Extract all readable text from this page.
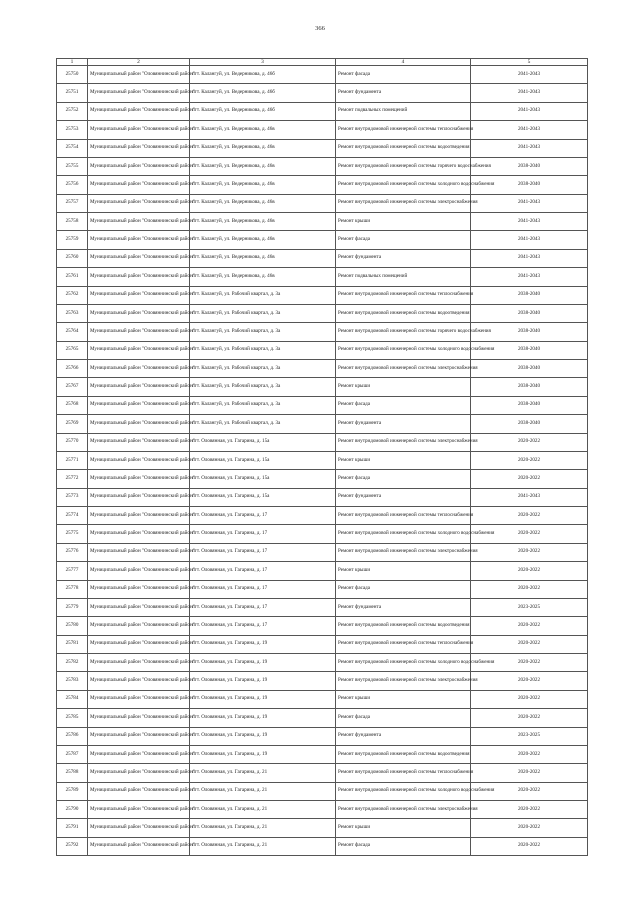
366
1	2	3	4	5
25750	Муниципальный район "Оловяннинский район"	пгт. Калангуй, ул. Ведерникова, д. 46б	Ремонт фасада	2041-2043
25751	Муниципальный район "Оловяннинский район"	пгт. Калангуй, ул. Ведерникова, д. 46б	Ремонт фундамента	2041-2043
25752	Муниципальный район "Оловяннинский район"	пгт. Калангуй, ул. Ведерникова, д. 46б	Ремонт подвальных помещений	2041-2043
25753	Муниципальный район "Оловяннинский район"	пгт. Калангуй, ул. Ведерникова, д. 46в	Ремонт внутридомовой инженерной системы теплоснабжения	2041-2043
25754	Муниципальный район "Оловяннинский район"	пгт. Калангуй, ул. Ведерникова, д. 46в	Ремонт внутридомовой инженерной системы водоотведения	2041-2043
25755	Муниципальный район "Оловяннинский район"	пгт. Калангуй, ул. Ведерникова, д. 46в	Ремонт внутридомовой инженерной системы горячего водоснабжения	2038-2040
25756	Муниципальный район "Оловяннинский район"	пгт. Калангуй, ул. Ведерникова, д. 46в	Ремонт внутридомовой инженерной системы холодного водоснабжения	2038-2040
25757	Муниципальный район "Оловяннинский район"	пгт. Калангуй, ул. Ведерникова, д. 46в	Ремонт внутридомовой инженерной системы электроснабжения	2041-2043
25758	Муниципальный район "Оловяннинский район"	пгт. Калангуй, ул. Ведерникова, д. 46в	Ремонт крыши	2041-2043
25759	Муниципальный район "Оловяннинский район"	пгт. Калангуй, ул. Ведерникова, д. 46в	Ремонт фасада	2041-2043
25760	Муниципальный район "Оловяннинский район"	пгт. Калангуй, ул. Ведерникова, д. 46в	Ремонт фундамента	2041-2043
25761	Муниципальный район "Оловяннинский район"	пгт. Калангуй, ул. Ведерникова, д. 46в	Ремонт подвальных помещений	2041-2043
25762	Муниципальный район "Оловяннинский район"	пгт. Калангуй, ул. Рабочий квартал, д. 3а	Ремонт внутридомовой инженерной системы теплоснабжения	2038-2040
25763	Муниципальный район "Оловяннинский район"	пгт. Калангуй, ул. Рабочий квартал, д. 3а	Ремонт внутридомовой инженерной системы водоотведения	2038-2040
25764	Муниципальный район "Оловяннинский район"	пгт. Калангуй, ул. Рабочий квартал, д. 3а	Ремонт внутридомовой инженерной системы горячего водоснабжения	2038-2040
25765	Муниципальный район "Оловяннинский район"	пгт. Калангуй, ул. Рабочий квартал, д. 3а	Ремонт внутридомовой инженерной системы холодного водоснабжения	2038-2040
25766	Муниципальный район "Оловяннинский район"	пгт. Калангуй, ул. Рабочий квартал, д. 3а	Ремонт внутридомовой инженерной системы электроснабжения	2038-2040
25767	Муниципальный район "Оловяннинский район"	пгт. Калангуй, ул. Рабочий квартал, д. 3а	Ремонт крыши	2038-2040
25768	Муниципальный район "Оловяннинский район"	пгт. Калангуй, ул. Рабочий квартал, д. 3а	Ремонт фасада	2038-2040
25769	Муниципальный район "Оловяннинский район"	пгт. Калангуй, ул. Рабочий квартал, д. 3а	Ремонт фундамента	2038-2040
25770	Муниципальный район "Оловяннинский район"	пгт. Оловянная, ул. Гагарина, д. 15а	Ремонт внутридомовой инженерной системы электроснабжения	2020-2022
25771	Муниципальный район "Оловяннинский район"	пгт. Оловянная, ул. Гагарина, д. 15а	Ремонт крыши	2020-2022
25772	Муниципальный район "Оловяннинский район"	пгт. Оловянная, ул. Гагарина, д. 15а	Ремонт фасада	2020-2022
25773	Муниципальный район "Оловяннинский район"	пгт. Оловянная, ул. Гагарина, д. 15а	Ремонт фундамента	2041-2043
25774	Муниципальный район "Оловяннинский район"	пгт. Оловянная, ул. Гагарина, д. 17	Ремонт внутридомовой инженерной системы теплоснабжения	2020-2022
25775	Муниципальный район "Оловяннинский район"	пгт. Оловянная, ул. Гагарина, д. 17	Ремонт внутридомовой инженерной системы холодного водоснабжения	2020-2022
25776	Муниципальный район "Оловяннинский район"	пгт. Оловянная, ул. Гагарина, д. 17	Ремонт внутридомовой инженерной системы электроснабжения	2020-2022
25777	Муниципальный район "Оловяннинский район"	пгт. Оловянная, ул. Гагарина, д. 17	Ремонт крыши	2020-2022
25778	Муниципальный район "Оловяннинский район"	пгт. Оловянная, ул. Гагарина, д. 17	Ремонт фасада	2020-2022
25779	Муниципальный район "Оловяннинский район"	пгт. Оловянная, ул. Гагарина, д. 17	Ремонт фундамента	2023-2025
25780	Муниципальный район "Оловяннинский район"	пгт. Оловянная, ул. Гагарина, д. 17	Ремонт внутридомовой инженерной системы водоотведения	2020-2022
25781	Муниципальный район "Оловяннинский район"	пгт. Оловянная, ул. Гагарина, д. 19	Ремонт внутридомовой инженерной системы теплоснабжения	2020-2022
25782	Муниципальный район "Оловяннинский район"	пгт. Оловянная, ул. Гагарина, д. 19	Ремонт внутридомовой инженерной системы холодного водоснабжения	2020-2022
25783	Муниципальный район "Оловяннинский район"	пгт. Оловянная, ул. Гагарина, д. 19	Ремонт внутридомовой инженерной системы электроснабжения	2020-2022
25784	Муниципальный район "Оловяннинский район"	пгт. Оловянная, ул. Гагарина, д. 19	Ремонт крыши	2020-2022
25785	Муниципальный район "Оловяннинский район"	пгт. Оловянная, ул. Гагарина, д. 19	Ремонт фасада	2020-2022
25786	Муниципальный район "Оловяннинский район"	пгт. Оловянная, ул. Гагарина, д. 19	Ремонт фундамента	2023-2025
25787	Муниципальный район "Оловяннинский район"	пгт. Оловянная, ул. Гагарина, д. 19	Ремонт внутридомовой инженерной системы водоотведения	2020-2022
25788	Муниципальный район "Оловяннинский район"	пгт. Оловянная, ул. Гагарина, д. 21	Ремонт внутридомовой инженерной системы теплоснабжения	2020-2022
25789	Муниципальный район "Оловяннинский район"	пгт. Оловянная, ул. Гагарина, д. 21	Ремонт внутридомовой инженерной системы холодного водоснабжения	2020-2022
25790	Муниципальный район "Оловяннинский район"	пгт. Оловянная, ул. Гагарина, д. 21	Ремонт внутридомовой инженерной системы электроснабжения	2020-2022
25791	Муниципальный район "Оловяннинский район"	пгт. Оловянная, ул. Гагарина, д. 21	Ремонт крыши	2020-2022
25792	Муниципальный район "Оловяннинский район"	пгт. Оловянная, ул. Гагарина, д. 21	Ремонт фасада	2020-2022
